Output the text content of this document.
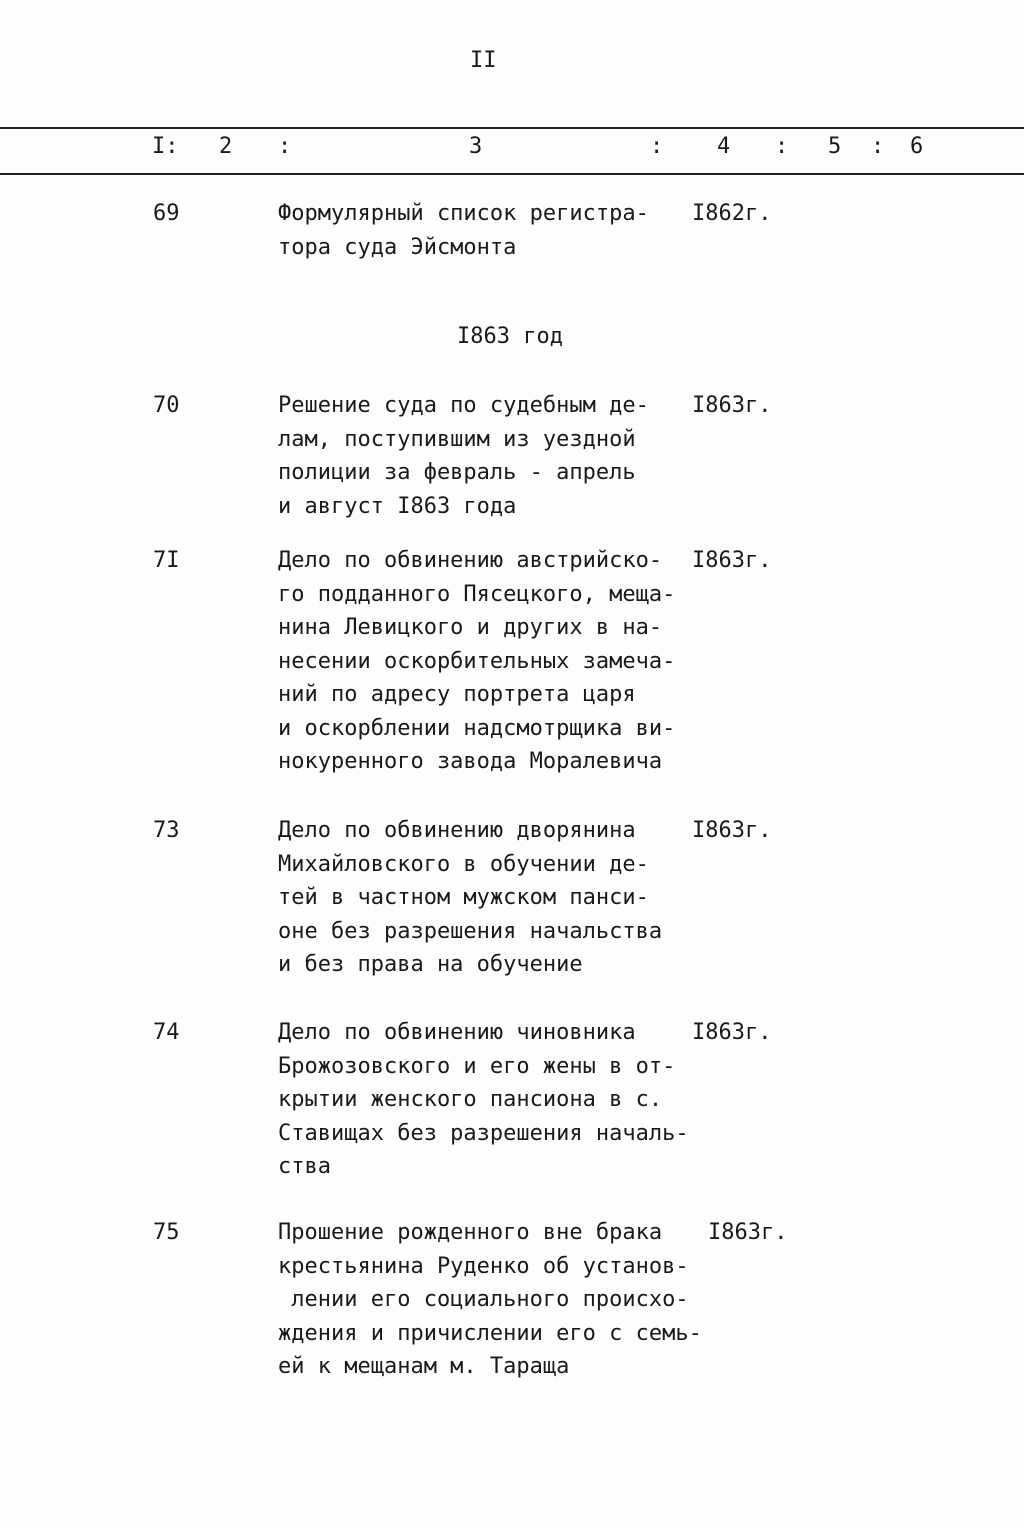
II
I: 2 :	3	: 4 : 5 : 6
I863 год
69	Формулярный список регистра-
тора суда Эйсмонта
I862г.
70	Решение суда по судебным де-
лам, поступившим из уездной
полиции за февраль - апрель
и август I863 года
I863г.
7I	Дело по обвинению австрийско-
го подданного Пясецкого, меща-
нина Левицкого и других в на-
несении оскорбительных замеча-
ний по адресу портрета царя
и оскорблении надсмотрщика ви-
нокуренного завода Моралевича
I863г.
73	Дело по обвинению дворянина
Михайловского в обучении де-
тей в частном мужском панси-
оне без разрешения начальства
и без права на обучение
I863г.
74	Дело по обвинению чиновника
Брожозовского и его жены в от-
крытии женского пансиона в с.
Ставищах без разрешения началь-
ства
I863г.
75	Прошение рожденного вне брака
крестьянина Руденко об установ-
лении его социального происхо-
ждения и причислении его с семь-
ей к мещанам м. Тараща
I863г.
